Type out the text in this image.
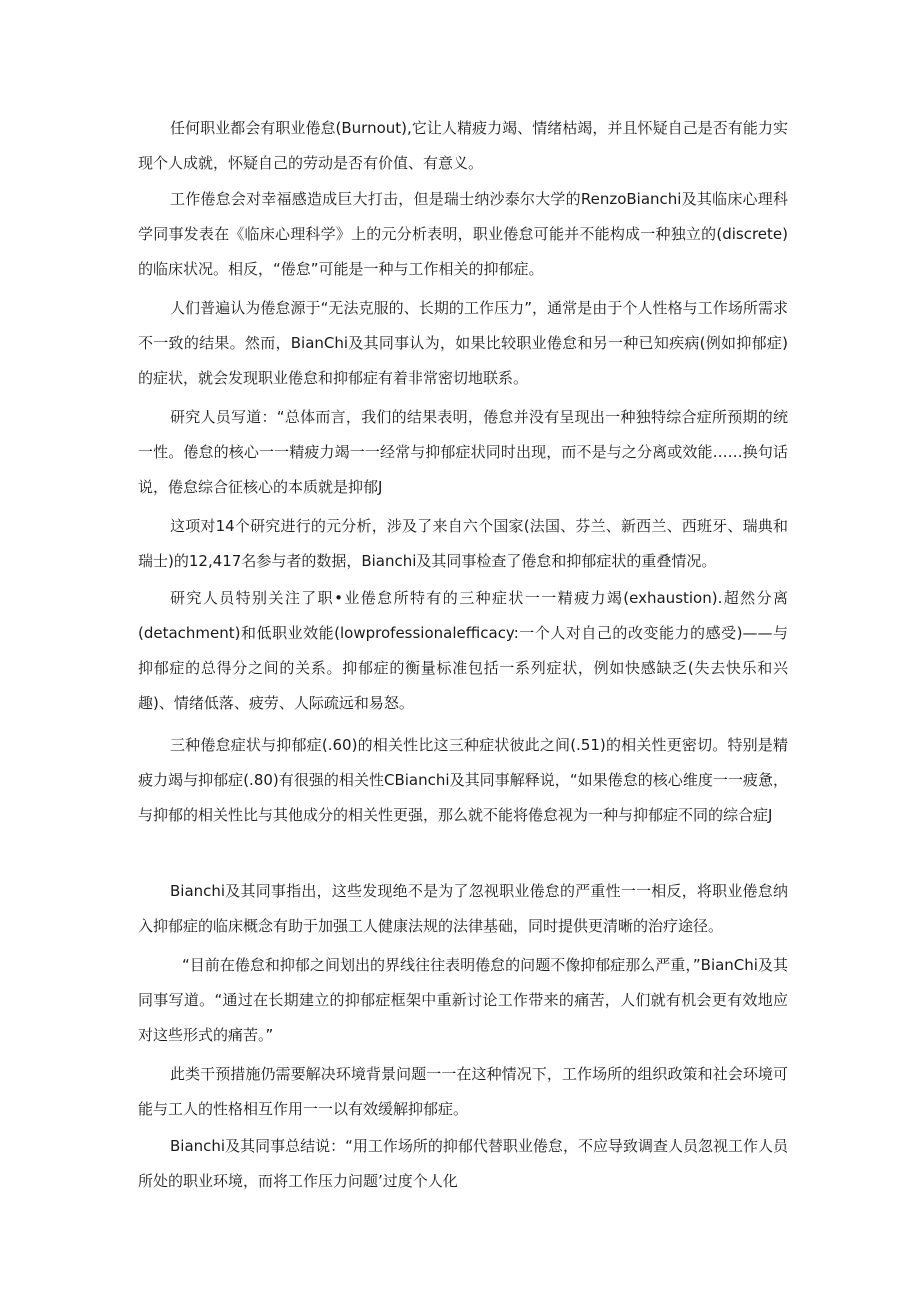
任何职业都会有职业倦怠(Burnout),它让人精疲力竭、情绪枯竭，并且怀疑自己是否有能力实现个人成就，怀疑自己的劳动是否有价值、有意义。

工作倦怠会对幸福感造成巨大打击，但是瑞士纳沙泰尔大学的RenzoBianchi及其临床心理科学同事发表在《临床心理科学》上的元分析表明，职业倦怠可能并不能构成一种独立的(discrete)的临床状况。相反，“倦怠”可能是一种与工作相关的抑郁症。

人们普遍认为倦怠源于“无法克服的、长期的工作压力”，通常是由于个人性格与工作场所需求不一致的结果。然而，BianChi及其同事认为，如果比较职业倦怠和另一种已知疾病(例如抑郁症)的症状，就会发现职业倦怠和抑郁症有着非常密切地联系。

研究人员写道：“总体而言，我们的结果表明，倦怠并没有呈现出一种独特综合症所预期的统一性。倦怠的核心一一精疲力竭一一经常与抑郁症状同时出现，而不是与之分离或效能……换句话说，倦怠综合征核心的本质就是抑郁J

这项对14个研究进行的元分析，涉及了来自六个国家(法国、芬兰、新西兰、西班牙、瑞典和瑞士)的12,417名参与者的数据，Bianchi及其同事检查了倦怠和抑郁症状的重叠情况。

研究人员特别关注了职•业倦怠所特有的三种症状一一精疲力竭(exhaustion).超然分离(detachment)和低职业效能(lowprofessionalefficacy:一个人对自己的改变能力的感受)——与抑郁症的总得分之间的关系。抑郁症的衡量标准包括一系列症状，例如快感缺乏(失去快乐和兴趣)、情绪低落、疲劳、人际疏远和易怒。

三种倦怠症状与抑郁症(.60)的相关性比这三种症状彼此之间(.51)的相关性更密切。特别是精疲力竭与抑郁症(.80)有很强的相关性CBianchi及其同事解释说，“如果倦怠的核心维度一一疲惫，与抑郁的相关性比与其他成分的相关性更强，那么就不能将倦怠视为一种与抑郁症不同的综合症J

Bianchi及其同事指出，这些发现绝不是为了忽视职业倦怠的严重性一一相反，将职业倦怠纳入抑郁症的临床概念有助于加强工人健康法规的法律基础，同时提供更清晰的治疗途径。

“目前在倦怠和抑郁之间划出的界线往往表明倦怠的问题不像抑郁症那么严重，”BianChi及其同事写道。“通过在长期建立的抑郁症框架中重新讨论工作带来的痛苦，人们就有机会更有效地应对这些形式的痛苦。”

此类干预措施仍需要解决环境背景问题一一在这种情况下，工作场所的组织政策和社会环境可能与工人的性格相互作用一一以有效缓解抑郁症。

Bianchi及其同事总结说：“用工作场所的抑郁代替职业倦怠，不应导致调查人员忽视工作人员所处的职业环境，而将工作压力问题’过度个人化
